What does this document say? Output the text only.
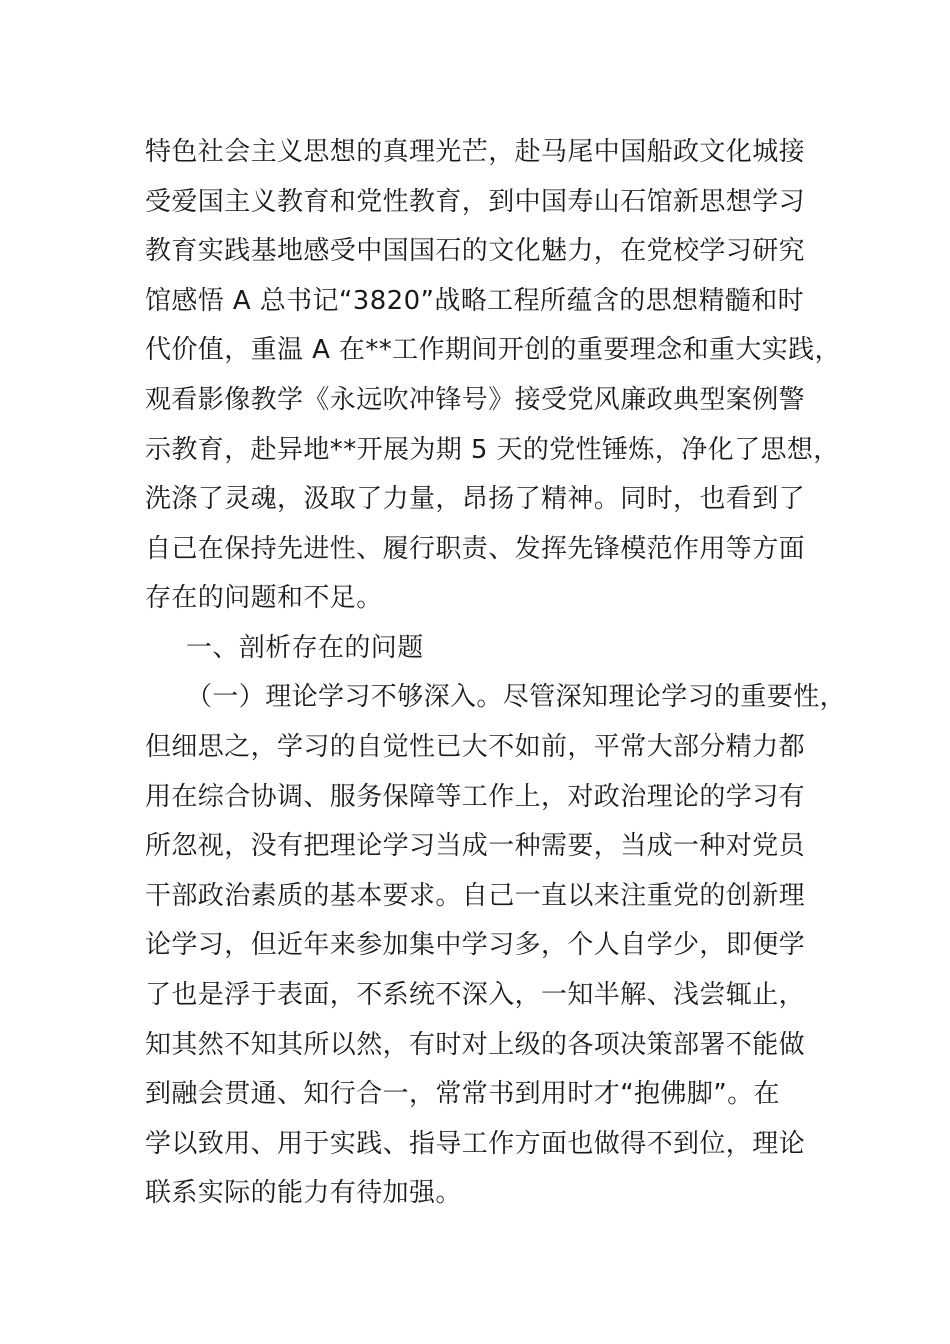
特色社会主义思想的真理光芒，赴马尾中国船政文化城接
受爱国主义教育和党性教育，到中国寿山石馆新思想学习
教育实践基地感受中国国石的文化魅力，在党校学习研究
馆感悟 A 总书记“3820”战略工程所蕴含的思想精髓和时
代价值，重温 A 在**工作期间开创的重要理念和重大实践，
观看影像教学《永远吹冲锋号》接受党风廉政典型案例警
示教育，赴异地**开展为期 5 天的党性锤炼，净化了思想，
洗涤了灵魂，汲取了力量，昂扬了精神。同时，也看到了
自己在保持先进性、履行职责、发挥先锋模范作用等方面
存在的问题和不足。
一、剖析存在的问题
（一）理论学习不够深入。尽管深知理论学习的重要性，
但细思之，学习的自觉性已大不如前，平常大部分精力都
用在综合协调、服务保障等工作上，对政治理论的学习有
所忽视，没有把理论学习当成一种需要，当成一种对党员
干部政治素质的基本要求。自己一直以来注重党的创新理
论学习，但近年来参加集中学习多，个人自学少，即便学
了也是浮于表面，不系统不深入，一知半解、浅尝辄止，
知其然不知其所以然，有时对上级的各项决策部署不能做
到融会贯通、知行合一，常常书到用时才“抱佛脚”。在
学以致用、用于实践、指导工作方面也做得不到位，理论
联系实际的能力有待加强。
